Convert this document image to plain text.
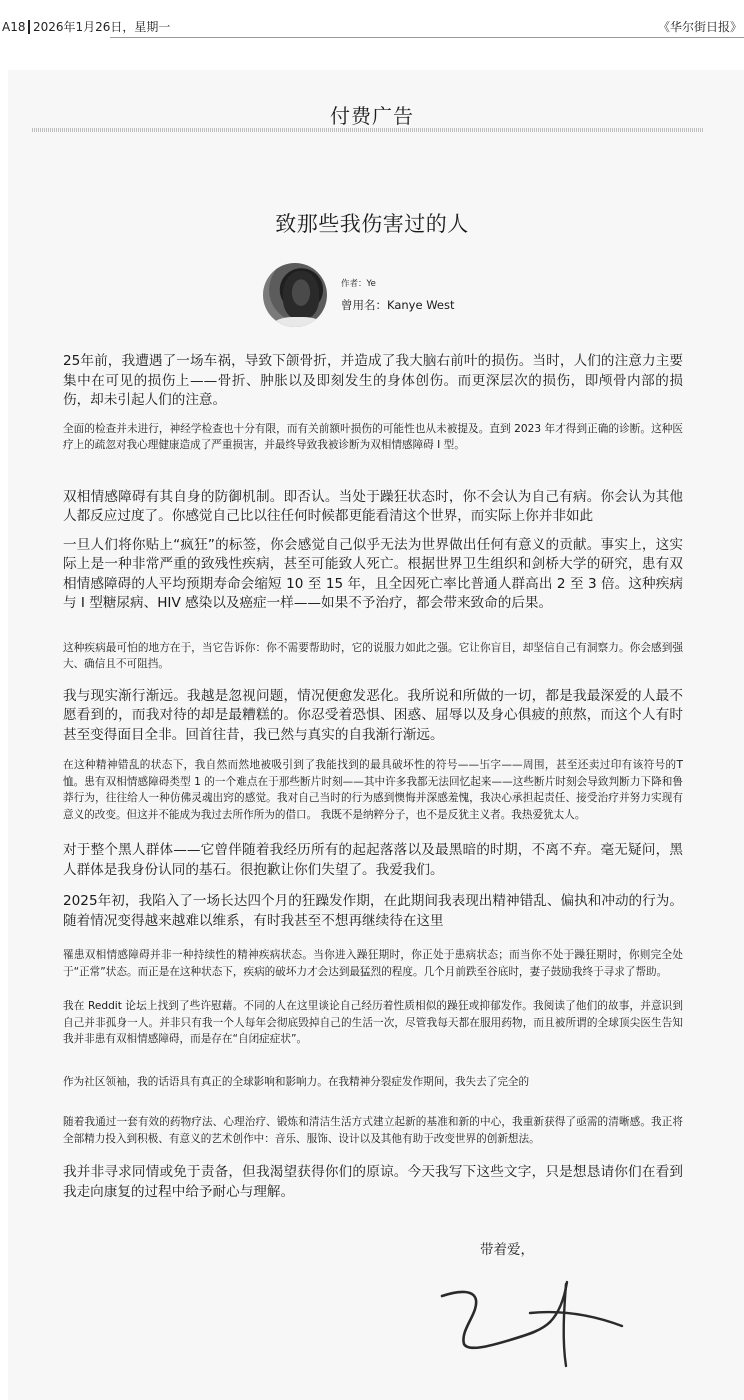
A18 2026年1月26日，星期一	《华尔街日报》
付费广告
致那些我伤害过的人
作者：Ye
曾用名：Kanye West

25年前，我遭遇了一场车祸，导致下颌骨折，并造成了我大脑右前叶的损伤。当时，人们的注意力主要集中在可见的损伤上——骨折、肿胀以及即刻发生的身体创伤。而更深层次的损伤，即颅骨内部的损伤，却未引起人们的注意。

全面的检查并未进行，神经学检查也十分有限，而有关前额叶损伤的可能性也从未被提及。直到 2023 年才得到正确的诊断。这种医疗上的疏忽对我心理健康造成了严重损害，并最终导致我被诊断为双相情感障碍 I 型。

双相情感障碍有其自身的防御机制。即否认。当处于躁狂状态时，你不会认为自己有病。你会认为其他人都反应过度了。你感觉自己比以往任何时候都更能看清这个世界，而实际上你并非如此

一旦人们将你贴上“疯狂”的标签，你会感觉自己似乎无法为世界做出任何有意义的贡献。事实上，这实际上是一种非常严重的致残性疾病，甚至可能致人死亡。根据世界卫生组织和剑桥大学的研究，患有双相情感障碍的人平均预期寿命会缩短 10 至 15 年，且全因死亡率比普通人群高出 2 至 3 倍。这种疾病与 I 型糖尿病、HIV 感染以及癌症一样——如果不予治疗，都会带来致命的后果。

这种疾病最可怕的地方在于，当它告诉你：你不需要帮助时，它的说服力如此之强。它让你盲目，却坚信自己有洞察力。你会感到强大、确信且不可阻挡。

我与现实渐行渐远。我越是忽视问题，情况便愈发恶化。我所说和所做的一切，都是我最深爱的人最不愿看到的，而我对待的却是最糟糕的。你忍受着恐惧、困惑、屈辱以及身心俱疲的煎熬，而这个人有时甚至变得面目全非。回首往昔，我已然与真实的自我渐行渐远。

在这种精神错乱的状态下，我自然而然地被吸引到了我能找到的最具破坏性的符号——卐字——周围，甚至还卖过印有该符号的T恤。患有双相情感障碍类型 1 的一个难点在于那些断片时刻——其中许多我都无法回忆起来——这些断片时刻会导致判断力下降和鲁莽行为，往往给人一种仿佛灵魂出窍的感觉。我对自己当时的行为感到懊悔并深感羞愧，我决心承担起责任、接受治疗并努力实现有意义的改变。但这并不能成为我过去所作所为的借口。 我既不是纳粹分子，也不是反犹主义者。我热爱犹太人。

对于整个黑人群体——它曾伴随着我经历所有的起起落落以及最黑暗的时期，不离不弃。毫无疑问，黑人群体是我身份认同的基石。很抱歉让你们失望了。我爱我们。

2025年初，我陷入了一场长达四个月的狂躁发作期，在此期间我表现出精神错乱、偏执和冲动的行为。随着情况变得越来越难以维系，有时我甚至不想再继续待在这里

罹患双相情感障碍并非一种持续性的精神疾病状态。当你进入躁狂期时，你正处于患病状态；而当你不处于躁狂期时，你则完全处于“正常”状态。而正是在这种状态下，疾病的破坏力才会达到最猛烈的程度。几个月前跌至谷底时，妻子鼓励我终于寻求了帮助。

我在 Reddit 论坛上找到了些许慰藉。不同的人在这里谈论自己经历着性质相似的躁狂或抑郁发作。我阅读了他们的故事，并意识到自己并非孤身一人。并非只有我一个人每年会彻底毁掉自己的生活一次，尽管我每天都在服用药物，而且被所谓的全球顶尖医生告知我并非患有双相情感障碍，而是存在“自闭症症状”。

作为社区领袖，我的话语具有真正的全球影响和影响力。在我精神分裂症发作期间，我失去了完全的

随着我通过一套有效的药物疗法、心理治疗、锻炼和清洁生活方式建立起新的基准和新的中心，我重新获得了亟需的清晰感。我正将全部精力投入到积极、有意义的艺术创作中：音乐、服饰、设计以及其他有助于改变世界的创新想法。

我并非寻求同情或免于责备，但我渴望获得你们的原谅。今天我写下这些文字，只是想恳请你们在看到我走向康复的过程中给予耐心与理解。

带着爱，
